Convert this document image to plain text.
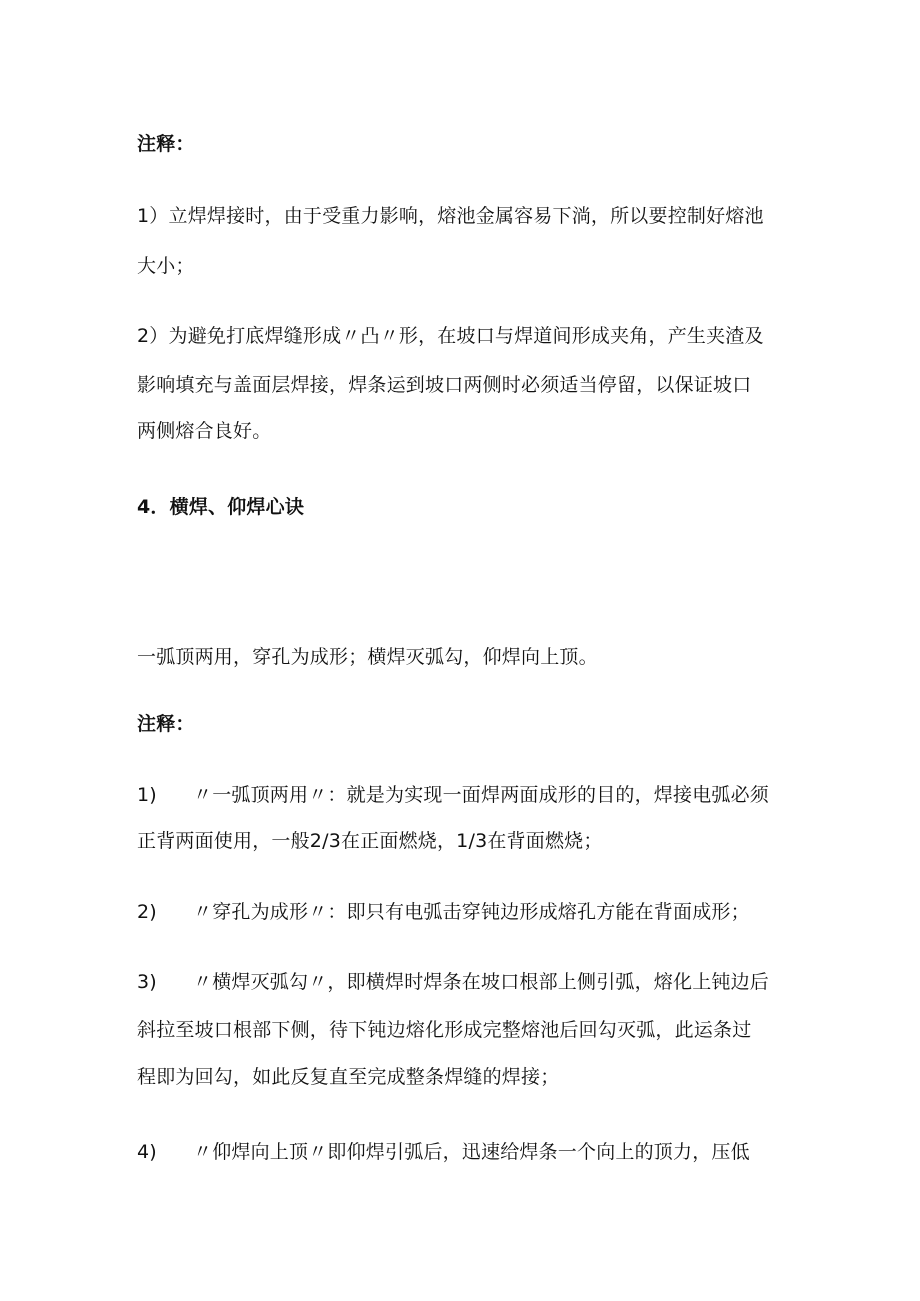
注释：
1）立焊焊接时，由于受重力影响，熔池金属容易下淌，所以要控制好熔池
大小；
2）为避免打底焊缝形成〃凸〃形，在坡口与焊道间形成夹角，产生夹渣及
影响填充与盖面层焊接，焊条运到坡口两侧时必须适当停留，以保证坡口
两侧熔合良好。
4．横焊、仰焊心诀
一弧顶两用，穿孔为成形；横焊灭弧勾，仰焊向上顶。
注释：
1) 〃一弧顶两用〃：就是为实现一面焊两面成形的目的，焊接电弧必须
正背两面使用，一般2/3在正面燃烧，1/3在背面燃烧；
2) 〃穿孔为成形〃：即只有电弧击穿钝边形成熔孔方能在背面成形；
3) 〃横焊灭弧勾〃，即横焊时焊条在坡口根部上侧引弧，熔化上钝边后
斜拉至坡口根部下侧，待下钝边熔化形成完整熔池后回勾灭弧，此运条过
程即为回勾，如此反复直至完成整条焊缝的焊接；
4) 〃仰焊向上顶〃即仰焊引弧后，迅速给焊条一个向上的顶力，压低
